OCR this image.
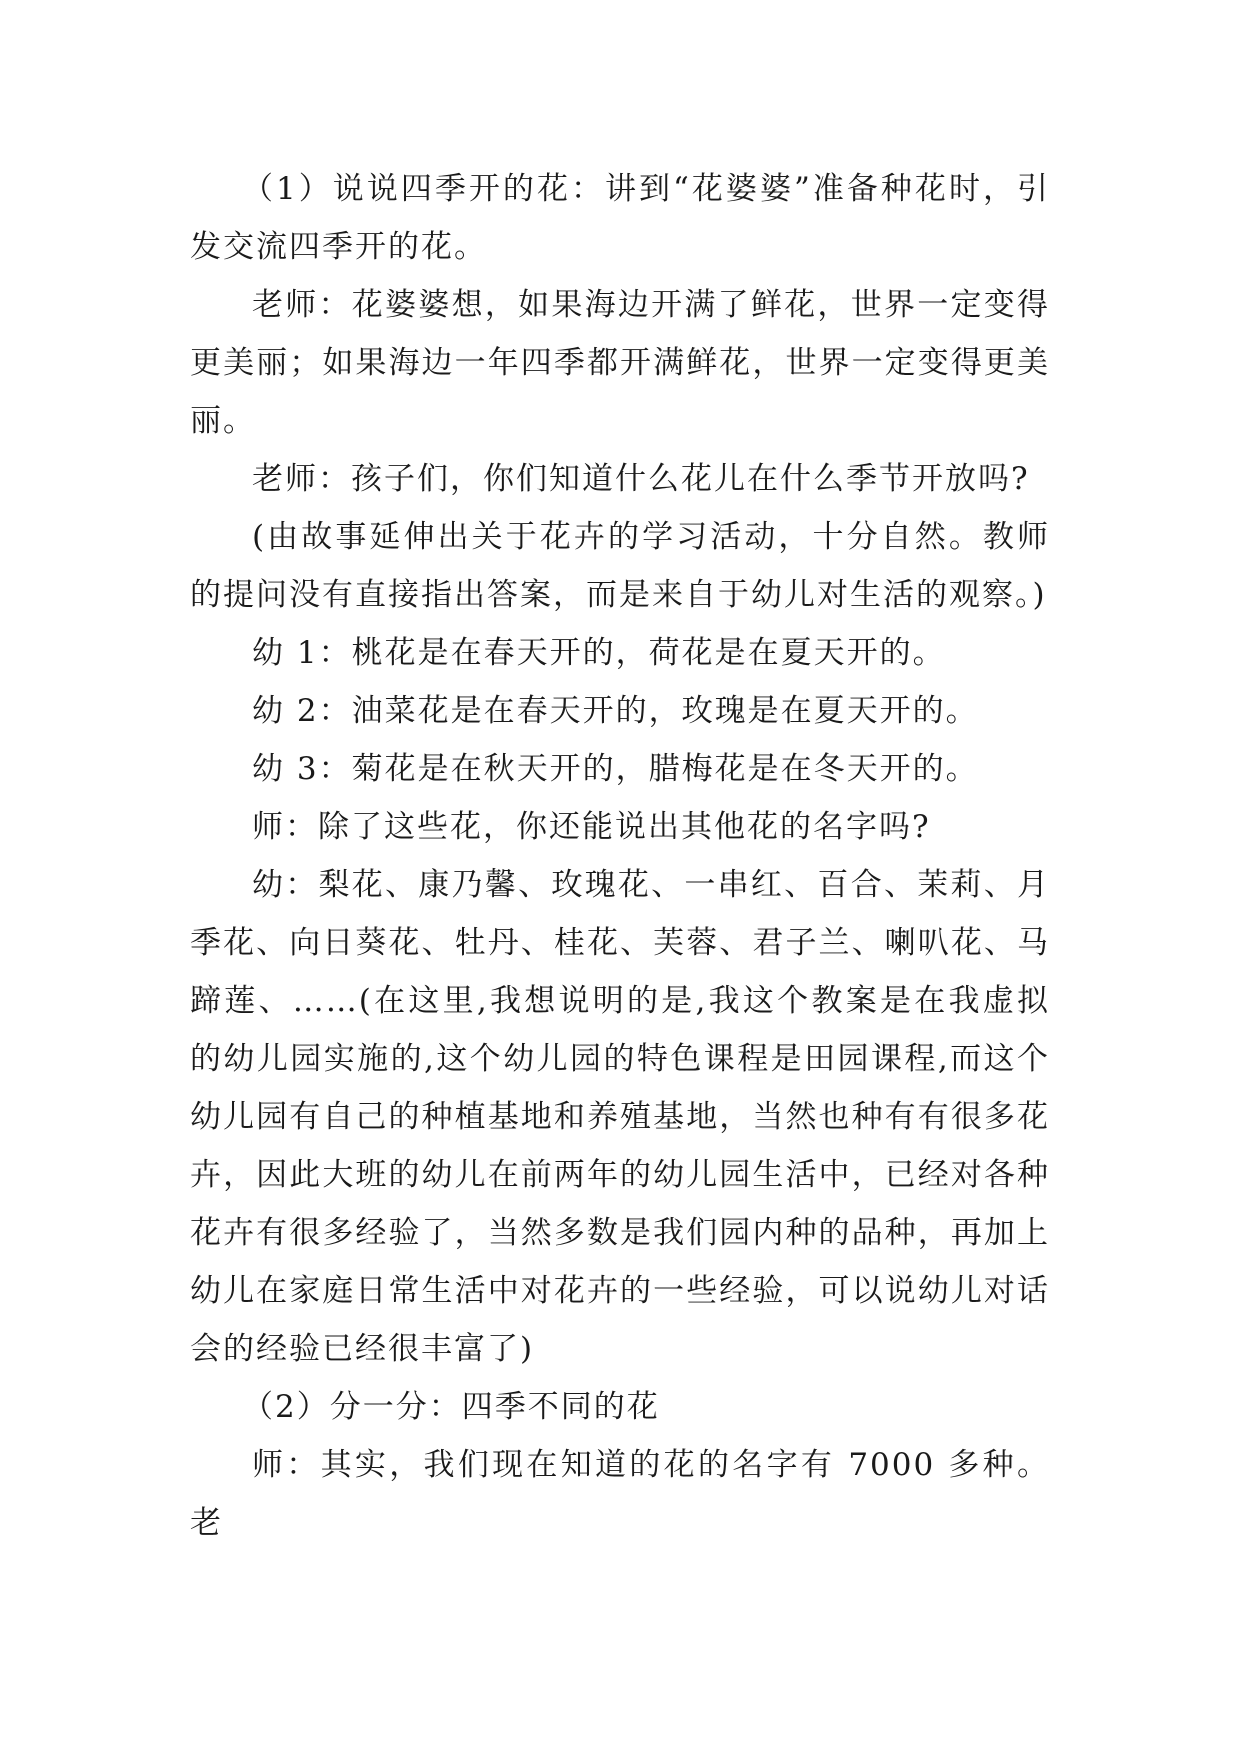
（1）说说四季开的花：讲到“花婆婆”准备种花时，引发交流四季开的花。

老师：花婆婆想，如果海边开满了鲜花，世界一定变得更美丽；如果海边一年四季都开满鲜花，世界一定变得更美丽。

老师：孩子们，你们知道什么花儿在什么季节开放吗?

(由故事延伸出关于花卉的学习活动，十分自然。教师的提问没有直接指出答案，而是来自于幼儿对生活的观察。)

幼 1：桃花是在春天开的，荷花是在夏天开的。

幼 2：油菜花是在春天开的，玫瑰是在夏天开的。

幼 3：菊花是在秋天开的，腊梅花是在冬天开的。

师：除了这些花，你还能说出其他花的名字吗?

幼：梨花、康乃馨、玫瑰花、一串红、百合、茉莉、月季花、向日葵花、牡丹、桂花、芙蓉、君子兰、喇叭花、马蹄莲、……(在这里,我想说明的是,我这个教案是在我虚拟的幼儿园实施的,这个幼儿园的特色课程是田园课程,而这个幼儿园有自己的种植基地和养殖基地，当然也种有有很多花卉，因此大班的幼儿在前两年的幼儿园生活中，已经对各种花卉有很多经验了，当然多数是我们园内种的品种，再加上幼儿在家庭日常生活中对花卉的一些经验，可以说幼儿对话会的经验已经很丰富了)

（2）分一分：四季不同的花

师：其实，我们现在知道的花的名字有 7000 多种。老
